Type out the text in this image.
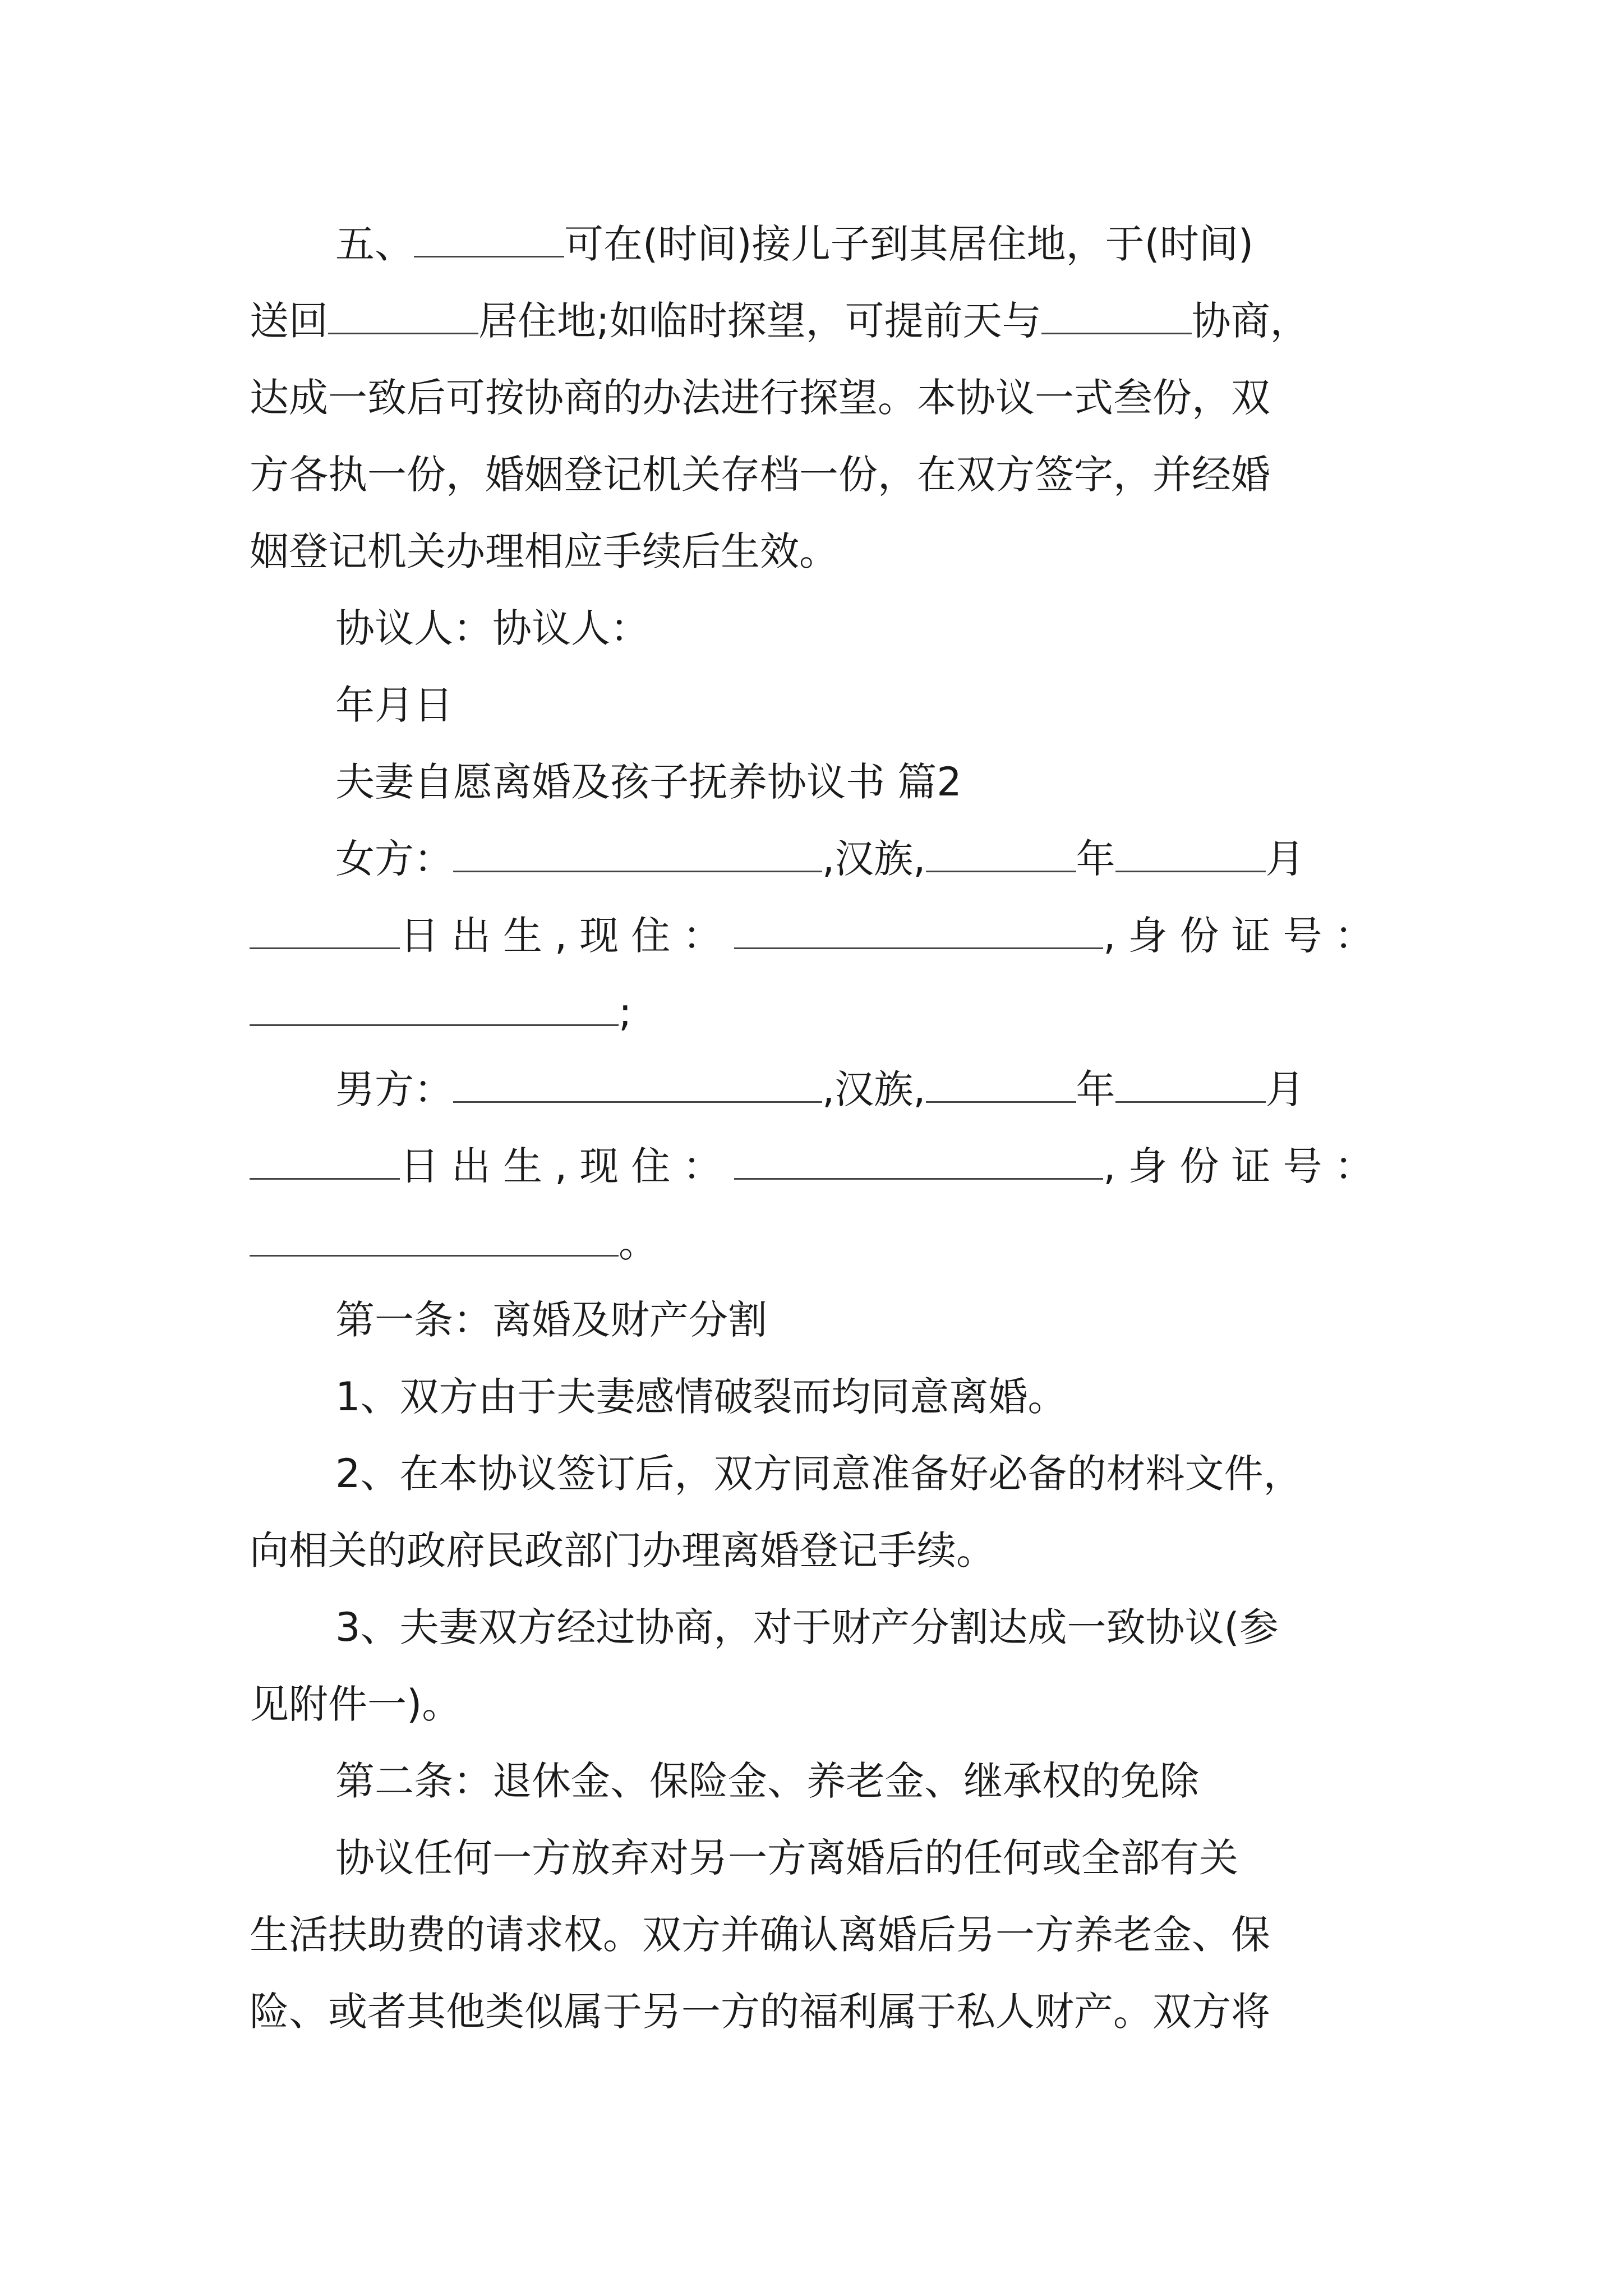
五、	可在(时间)接儿子到其居住地，于(时间)
送回	居住地;如临时探望，可提前天与	协商，
达成一致后可按协商的办法进行探望。本协议一式叁份，双
方各执一份，婚姻登记机关存档一份，在双方签字，并经婚
姻登记机关办理相应手续后生效。
协议人：协议人：
年月日
夫妻自愿离婚及孩子抚养协议书 篇2
女方：	,汉族,	年	月
日出生,现住：	,身份证号：
;
男方：	,汉族,	年	月
日出生,现住：	,身份证号：
。
第一条：离婚及财产分割
1、双方由于夫妻感情破裂而均同意离婚。
2、在本协议签订后，双方同意准备好必备的材料文件，
向相关的政府民政部门办理离婚登记手续。
3、夫妻双方经过协商，对于财产分割达成一致协议(参
见附件一)。
第二条：退休金、保险金、养老金、继承权的免除
协议任何一方放弃对另一方离婚后的任何或全部有关
生活扶助费的请求权。双方并确认离婚后另一方养老金、保
险、或者其他类似属于另一方的福利属于私人财产。双方将
